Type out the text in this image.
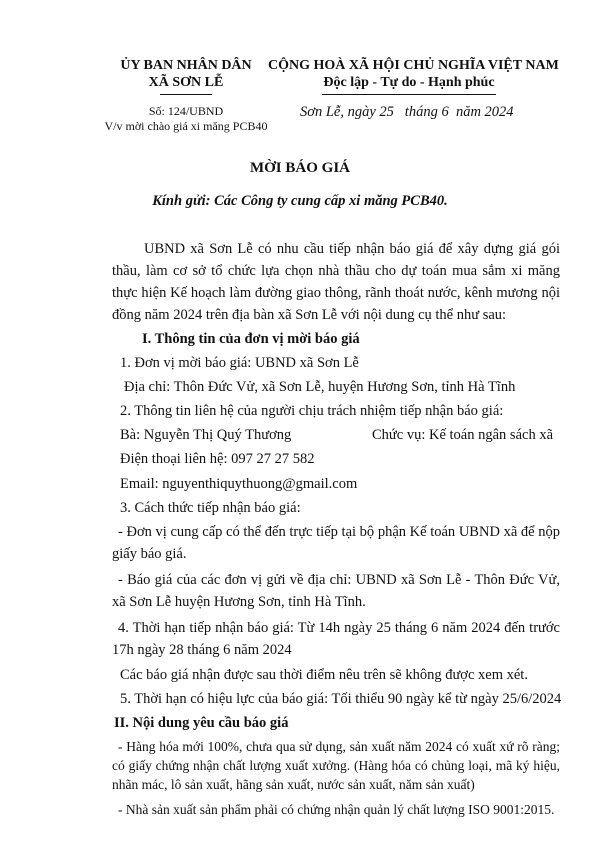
ỦY BAN NHÂN DÂN
XÃ SƠN LỄ
CỘNG HOÀ XÃ HỘI CHỦ NGHĨA VIỆT NAM
Độc lập - Tự do - Hạnh phúc
Số: 124/UBND
V/v mời chào giá xi măng PCB40
Sơn Lễ, ngày 25   tháng 6  năm 2024
MỜI BÁO GIÁ
Kính gửi: Các Công ty cung cấp xi măng PCB40.
UBND xã Sơn Lễ có nhu cầu tiếp nhận báo giá để xây dựng giá gói thầu, làm cơ sở tổ chức lựa chọn nhà thầu cho dự toán mua sắm xi măng thực hiện Kế hoạch làm đường giao thông, rãnh thoát nước, kênh mương nội đồng năm 2024 trên địa bàn xã Sơn Lễ với nội dung cụ thể như sau:
I. Thông tin của đơn vị mời báo giá
1. Đơn vị mời báo giá: UBND xã Sơn Lễ
Địa chỉ: Thôn Đức Vử, xã Sơn Lễ, huyện Hương Sơn, tỉnh Hà Tĩnh
2. Thông tin liên hệ của người chịu trách nhiệm tiếp nhận báo giá:
Bà: Nguyễn Thị Quý Thương	Chức vụ: Kế toán ngân sách xã
Điện thoại liên hệ: 097 27 27 582
Email: nguyenthiquythuong@gmail.com
3. Cách thức tiếp nhận báo giá:
- Đơn vị cung cấp có thể đến trực tiếp tại bộ phận Kế toán UBND xã để nộp giấy báo giá.
- Báo giá của các đơn vị gửi về địa chỉ: UBND xã Sơn Lễ - Thôn Đức Vử, xã Sơn Lễ huyện Hương Sơn, tỉnh Hà Tĩnh.
4. Thời hạn tiếp nhận báo giá: Từ 14h ngày 25 tháng 6 năm 2024 đến trước 17h ngày 28 tháng 6 năm 2024
Các báo giá nhận được sau thời điểm nêu trên sẽ không được xem xét.
5. Thời hạn có hiệu lực của báo giá: Tối thiểu 90 ngày kể từ ngày 25/6/2024
II. Nội dung yêu cầu báo giá
- Hàng hóa mới 100%, chưa qua sử dụng, sản xuất năm 2024 có xuất xứ rõ ràng; có giấy chứng nhận chất lượng xuất xưởng. (Hàng hóa có chủng loại, mã ký hiệu, nhãn mác, lô sản xuất, hãng sản xuất, nước sản xuất, năm sản xuất)
- Nhà sản xuất sản phẩm phải có chứng nhận quản lý chất lượng ISO 9001:2015.
